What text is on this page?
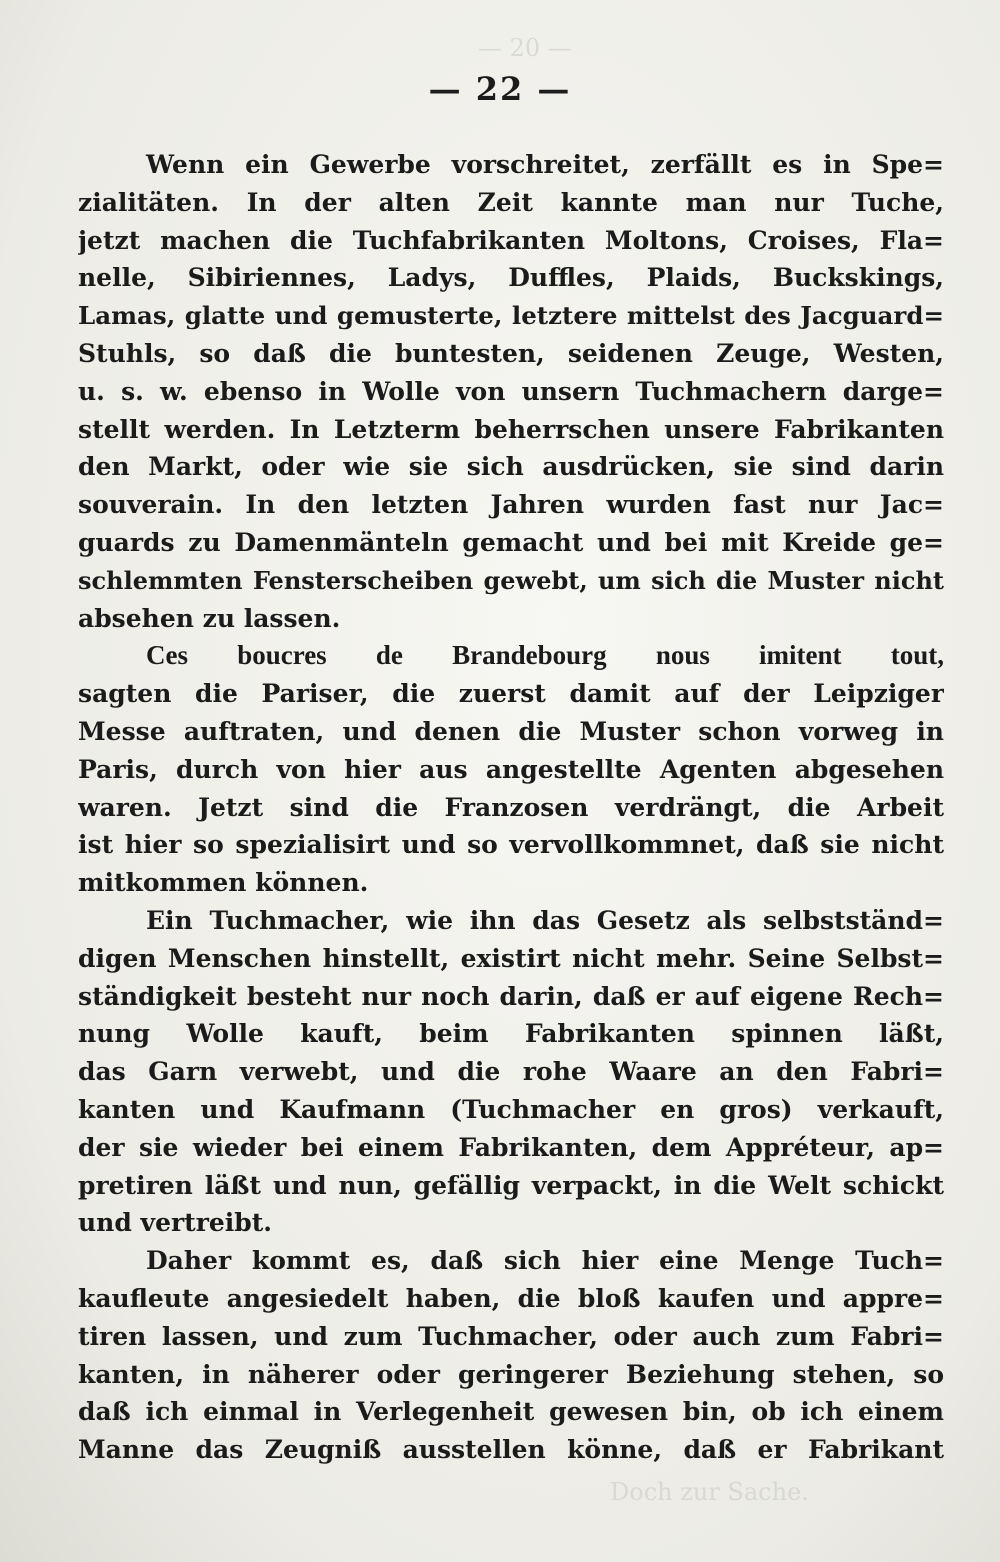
— 20 —
Doch zur Sache.
— 22 —
Wenn ein Gewerbe vorschreitet, zerfällt es in Spe=
zialitäten. In der alten Zeit kannte man nur Tuche,
jetzt machen die Tuchfabrikanten Moltons, Croises, Fla=
nelle, Sibiriennes, Ladys, Duffles, Plaids, Buckskings,
Lamas, glatte und gemusterte, letztere mittelst des Jacguard=
Stuhls, so daß die buntesten, seidenen Zeuge, Westen,
u. s. w. ebenso in Wolle von unsern Tuchmachern darge=
stellt werden. In Letzterm beherrschen unsere Fabrikanten
den Markt, oder wie sie sich ausdrücken, sie sind darin
souverain. In den letzten Jahren wurden fast nur Jac=
guards zu Damenmänteln gemacht und bei mit Kreide ge=
schlemmten Fensterscheiben gewebt, um sich die Muster nicht
absehen zu lassen.
Ces boucres de Brandebourg nous imitent tout,
sagten die Pariser, die zuerst damit auf der Leipziger
Messe auftraten, und denen die Muster schon vorweg in
Paris, durch von hier aus angestellte Agenten abgesehen
waren. Jetzt sind die Franzosen verdrängt, die Arbeit
ist hier so spezialisirt und so vervollkommnet, daß sie nicht
mitkommen können.
Ein Tuchmacher, wie ihn das Gesetz als selbstständ=
digen Menschen hinstellt, existirt nicht mehr. Seine Selbst=
ständigkeit besteht nur noch darin, daß er auf eigene Rech=
nung Wolle kauft, beim Fabrikanten spinnen läßt,
das Garn verwebt, und die rohe Waare an den Fabri=
kanten und Kaufmann (Tuchmacher en gros) verkauft,
der sie wieder bei einem Fabrikanten, dem Appréteur, ap=
pretiren läßt und nun, gefällig verpackt, in die Welt schickt
und vertreibt.
Daher kommt es, daß sich hier eine Menge Tuch=
kaufleute angesiedelt haben, die bloß kaufen und appre=
tiren lassen, und zum Tuchmacher, oder auch zum Fabri=
kanten, in näherer oder geringerer Beziehung stehen, so
daß ich einmal in Verlegenheit gewesen bin, ob ich einem
Manne das Zeugniß ausstellen könne, daß er Fabrikant
